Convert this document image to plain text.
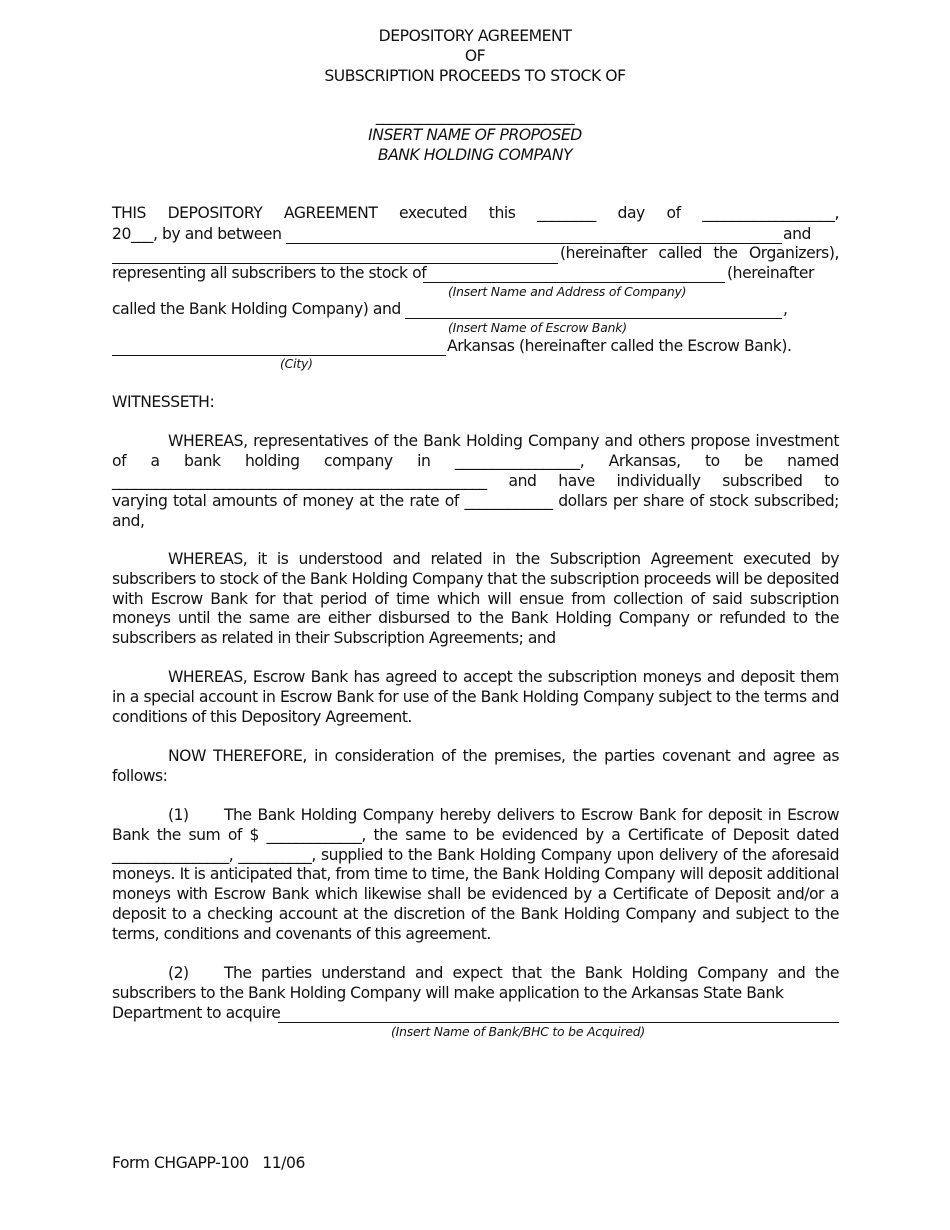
DEPOSITORY AGREEMENT
OF
SUBSCRIPTION PROCEEDS TO STOCK OF
___________________________
INSERT NAME OF PROPOSED
BANK HOLDING COMPANY
THIS DEPOSITORY AGREEMENT executed this ________ day of __________________,
20___, by and between	and
(hereinafter called the Organizers),
representing all subscribers to the stock of	(hereinafter
(Insert Name and Address of Company)
called the Bank Holding Company) and	,
(Insert Name of Escrow Bank)
Arkansas (hereinafter called the Escrow Bank).
(City)
WITNESSETH:
WHEREAS, representatives of the Bank Holding Company and others propose investment
of a bank holding company in _________________, Arkansas, to be named
___________________________________________________ and have individually subscribed to
varying total amounts of money at the rate of ____________ dollars per share of stock subscribed;
and,
WHEREAS, it is understood and related in the Subscription Agreement executed by subscribers to stock of the Bank Holding Company that the subscription proceeds will be deposited with Escrow Bank for that period of time which will ensue from collection of said subscription moneys until the same are either disbursed to the Bank Holding Company or refunded to the subscribers as related in their Subscription Agreements; and
WHEREAS, Escrow Bank has agreed to accept the subscription moneys and deposit them in a special account in Escrow Bank for use of the Bank Holding Company subject to the terms and conditions of this Depository Agreement.
NOW THEREFORE, in consideration of the premises, the parties covenant and agree as follows:
(1) The Bank Holding Company hereby delivers to Escrow Bank for deposit in Escrow Bank the sum of $ _____________, the same to be evidenced by a Certificate of Deposit dated ________________, __________, supplied to the Bank Holding Company upon delivery of the aforesaid moneys. It is anticipated that, from time to time, the Bank Holding Company will deposit additional moneys with Escrow Bank which likewise shall be evidenced by a Certificate of Deposit and/or a deposit to a checking account at the discretion of the Bank Holding Company and subject to the terms, conditions and covenants of this agreement.
(2) The parties understand and expect that the Bank Holding Company and the subscribers to the Bank Holding Company will make application to the Arkansas State Bank
Department to acquire
(Insert Name of Bank/BHC to be Acquired)
Form CHGAPP-100   11/06
